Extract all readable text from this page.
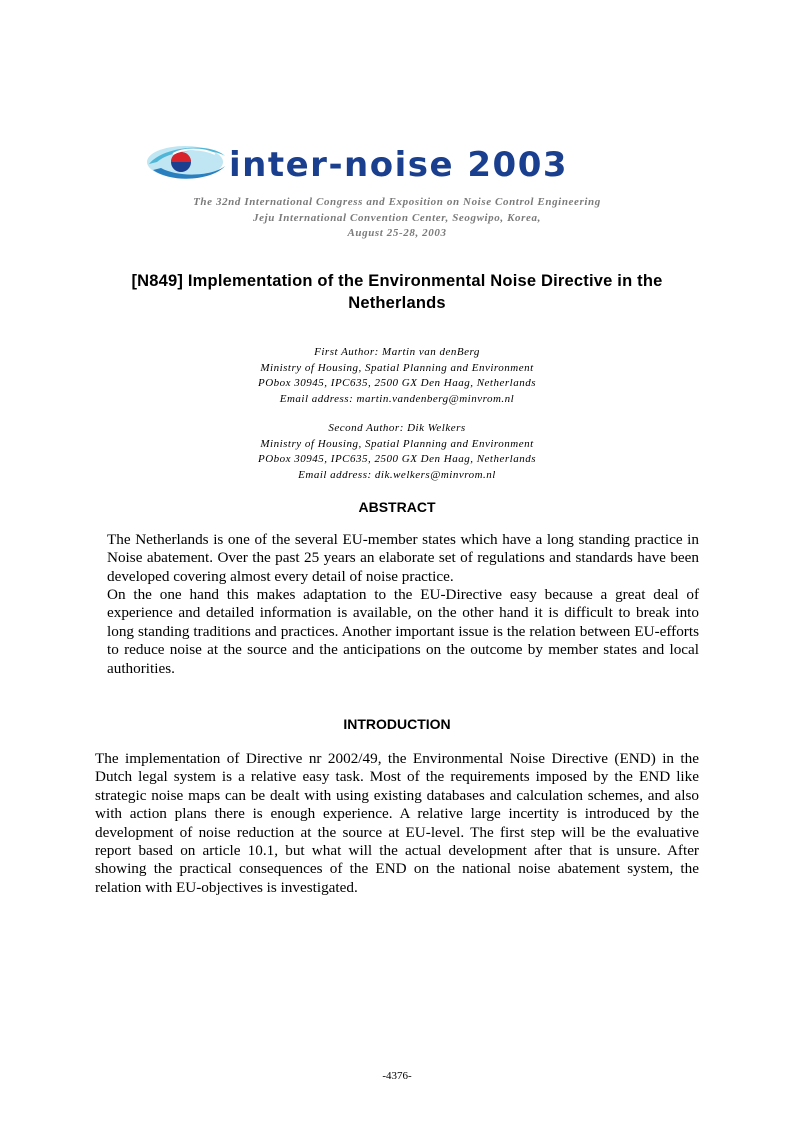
inter-noise 2003
The 32nd International Congress and Exposition on Noise Control Engineering
Jeju International Convention Center, Seogwipo, Korea,
August 25-28, 2003
[N849] Implementation of the Environmental Noise Directive in the
Netherlands
First Author: Martin van denBerg
Ministry of Housing, Spatial Planning and Environment
PObox 30945, IPC635, 2500 GX Den Haag, Netherlands
Email address: martin.vandenberg@minvrom.nl
Second Author: Dik Welkers
Ministry of Housing, Spatial Planning and Environment
PObox 30945, IPC635, 2500 GX Den Haag, Netherlands
Email address: dik.welkers@minvrom.nl
ABSTRACT

The Netherlands is one of the several EU-member states which have a long standing practice in Noise abatement. Over the past 25 years an elaborate set of regulations and standards have been developed covering almost every detail of noise practice.

On the one hand this makes adaptation to the EU-Directive easy because a great deal of experience and detailed information is available, on the other hand it is difficult to break into long standing traditions and practices. Another important issue is the relation between EU-efforts to reduce noise at the source and the anticipations on the outcome by member states and local authorities.

INTRODUCTION

The implementation of Directive nr 2002/49, the Environmental Noise Directive (END) in the Dutch legal system is a relative easy task. Most of the requirements imposed by the END like strategic noise maps can be dealt with using existing databases and calculation schemes, and also with action plans there is enough experience. A relative large incertity is introduced by the development of noise reduction at the source at EU-level. The first step will be the evaluative report based on article 10.1, but what will the actual development after that is unsure. After showing the practical consequences of the END on the national noise abatement system, the relation with EU-objectives is investigated.

-4376-
